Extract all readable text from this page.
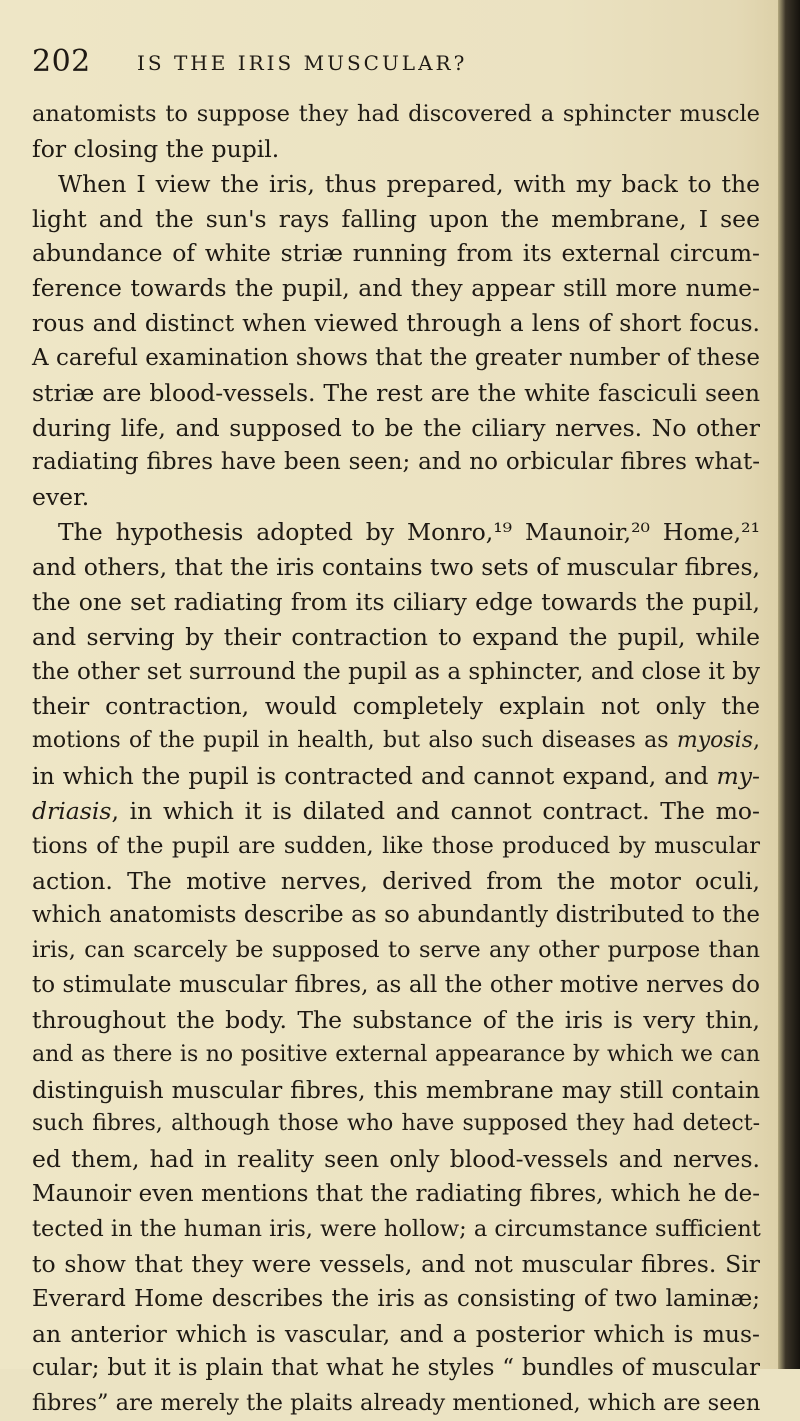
202 IS THE IRIS MUSCULAR?
anatomists to suppose they had discovered a sphincter muscle
for closing the pupil.
When I view the iris, thus prepared, with my back to the
light and the sun's rays falling upon the membrane, I see
abundance of white striæ running from its external circum-
ference towards the pupil, and they appear still more nume-
rous and distinct when viewed through a lens of short focus.
A careful examination shows that the greater number of these
striæ are blood-vessels. The rest are the white fasciculi seen
during life, and supposed to be the ciliary nerves. No other
radiating fibres have been seen; and no orbicular fibres what-
ever.
The hypothesis adopted by Monro,¹⁹ Maunoir,²⁰ Home,²¹
and others, that the iris contains two sets of muscular fibres,
the one set radiating from its ciliary edge towards the pupil,
and serving by their contraction to expand the pupil, while
the other set surround the pupil as a sphincter, and close it by
their contraction, would completely explain not only the
motions of the pupil in health, but also such diseases as myosis,
in which the pupil is contracted and cannot expand, and my-
driasis, in which it is dilated and cannot contract. The mo-
tions of the pupil are sudden, like those produced by muscular
action. The motive nerves, derived from the motor oculi,
which anatomists describe as so abundantly distributed to the
iris, can scarcely be supposed to serve any other purpose than
to stimulate muscular fibres, as all the other motive nerves do
throughout the body. The substance of the iris is very thin,
and as there is no positive external appearance by which we can
distinguish muscular fibres, this membrane may still contain
such fibres, although those who have supposed they had detect-
ed them, had in reality seen only blood-vessels and nerves.
Maunoir even mentions that the radiating fibres, which he de-
tected in the human iris, were hollow; a circumstance sufficient
to show that they were vessels, and not muscular fibres. Sir
Everard Home describes the iris as consisting of two laminæ;
an anterior which is vascular, and a posterior which is mus-
cular; but it is plain that what he styles “ bundles of muscular
fibres” are merely the plaits already mentioned, which are seen
